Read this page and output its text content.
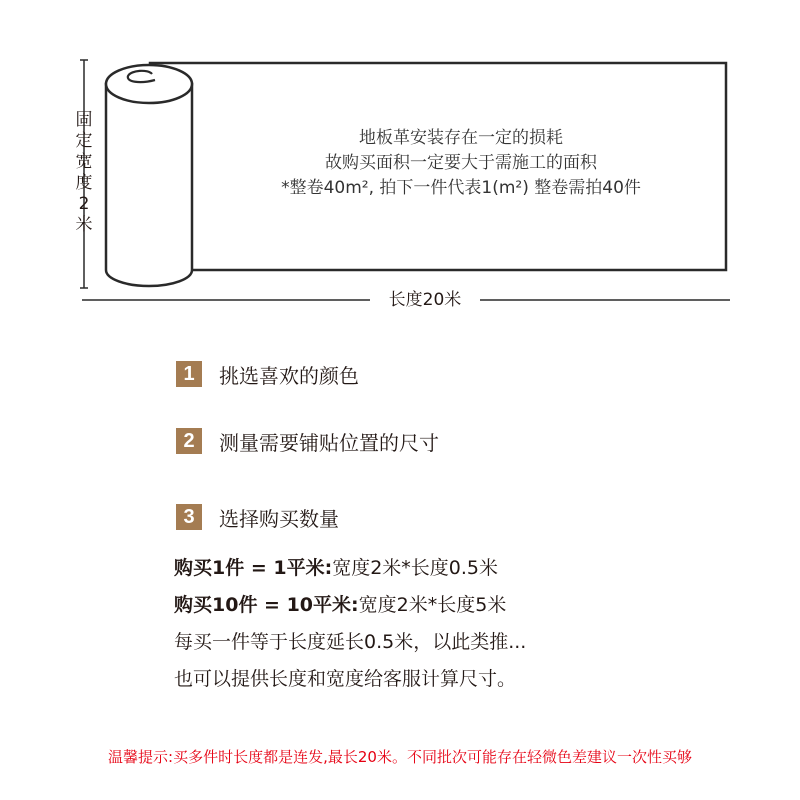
固
定
宽
度
2
米
长度20米
地板革安装存在一定的损耗
故购买面积一定要大于需施工的面积
*整卷40m², 拍下一件代表1(m²) 整卷需拍40件
1	挑选喜欢的颜色
2	测量需要铺贴位置的尺寸
3	选择购买数量
购买1件 = 1平米:宽度2米*长度0.5米
购买10件 = 10平米:宽度2米*长度5米
每买一件等于长度延长0.5米，以此类推...
也可以提供长度和宽度给客服计算尺寸。
温馨提示:买多件时长度都是连发,最长20米。不同批次可能存在轻微色差建议一次性买够
